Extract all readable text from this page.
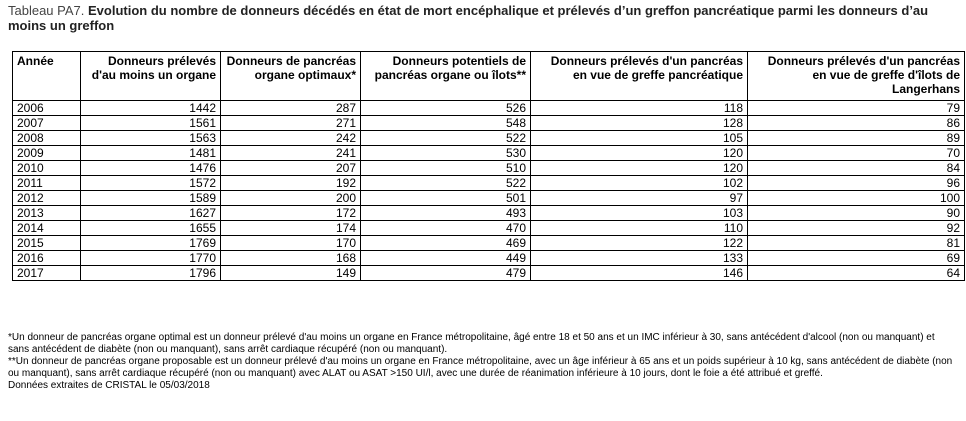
Tableau PA7. Evolution du nombre de donneurs décédés en état de mort encéphalique et prélevés d’un greffon pancréatique parmi les donneurs d’au moins un greffon
Année	Donneurs prélevés d'au moins un organe	Donneurs de pancréas organe optimaux*	Donneurs potentiels de pancréas organe ou îlots**	Donneurs prélevés d'un pancréas en vue de greffe pancréatique	Donneurs prélevés d'un pancréas en vue de greffe d'îlots de Langerhans
2006	1442	287	526	118	79
2007	1561	271	548	128	86
2008	1563	242	522	105	89
2009	1481	241	530	120	70
2010	1476	207	510	120	84
2011	1572	192	522	102	96
2012	1589	200	501	97	100
2013	1627	172	493	103	90
2014	1655	174	470	110	92
2015	1769	170	469	122	81
2016	1770	168	449	133	69
2017	1796	149	479	146	64

*Un donneur de pancréas organe optimal est un donneur prélevé d'au moins un organe en France métropolitaine, âgé entre 18 et 50 ans et un IMC inférieur à 30, sans antécédent d'alcool (non ou manquant) et sans antécédent de diabète (non ou manquant), sans arrêt cardiaque récupéré (non ou manquant).

**Un donneur de pancréas organe proposable est un donneur prélevé d'au moins un organe en France métropolitaine, avec un âge inférieur à 65 ans et un poids supérieur à 10 kg, sans antécédent de diabète (non ou manquant), sans arrêt cardiaque récupéré (non ou manquant) avec ALAT ou ASAT >150 UI/l, avec une durée de réanimation inférieure à 10 jours, dont le foie a été attribué et greffé.

Données extraites de CRISTAL le 05/03/2018
